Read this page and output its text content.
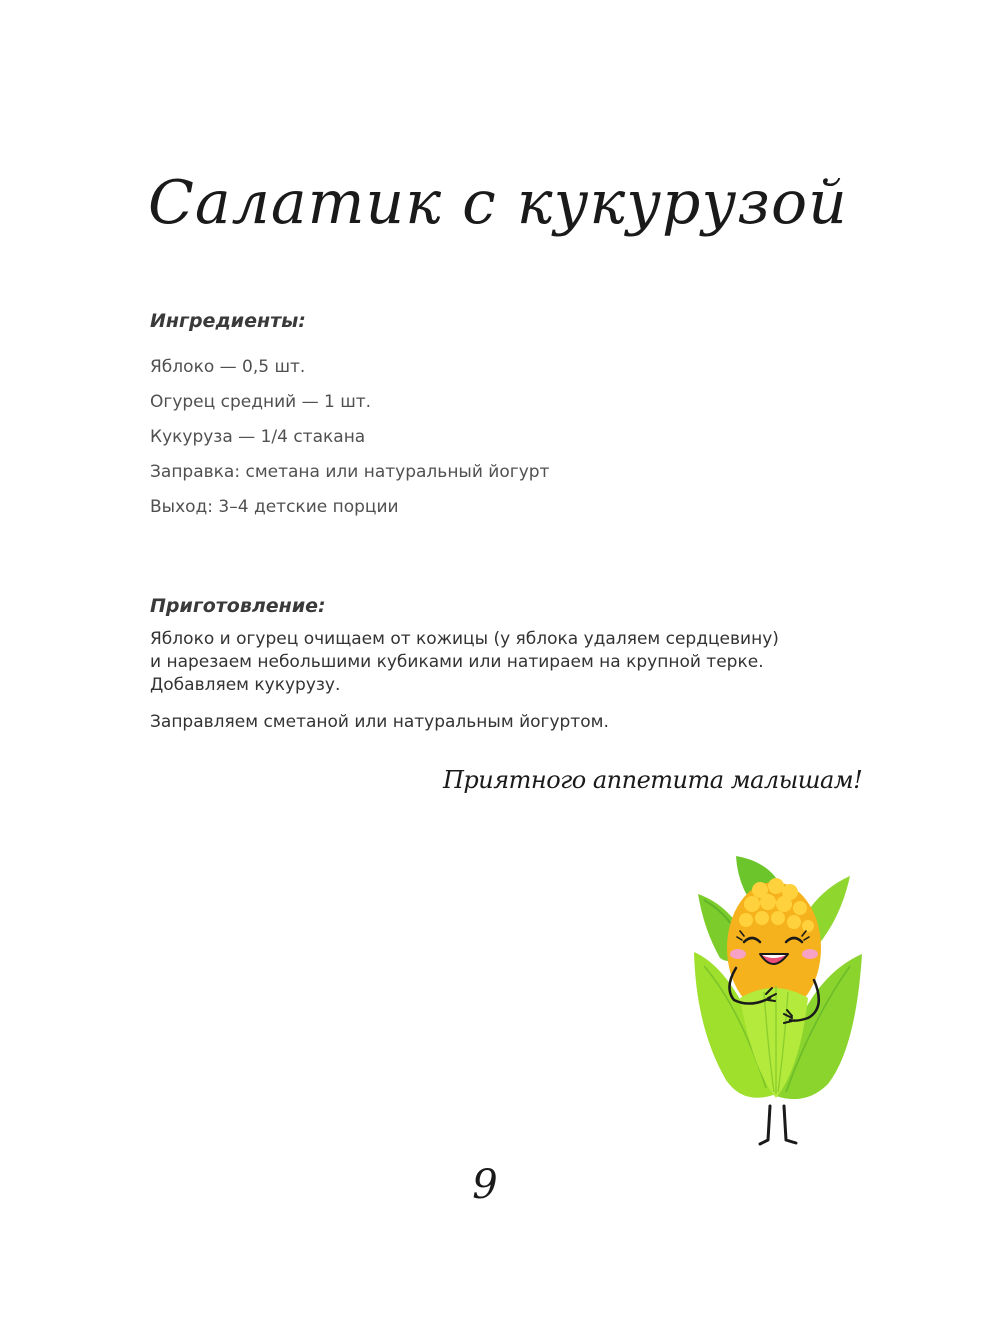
Салатик с кукурузой
Ингредиенты:
Яблоко — 0,5 шт.
Огурец средний — 1 шт.
Кукуруза — 1/4 стакана
Заправка: сметана или натуральный йогурт
Выход: 3–4 детские порции
Приготовление:

Яблоко и огурец очищаем от кожицы (у яблока удаляем сердцевину)

и нарезаем небольшими кубиками или натираем на крупной терке.

Добавляем кукурузу.

Заправляем сметаной или натуральным йогуртом.

Приятного аппетита малышам!

9
